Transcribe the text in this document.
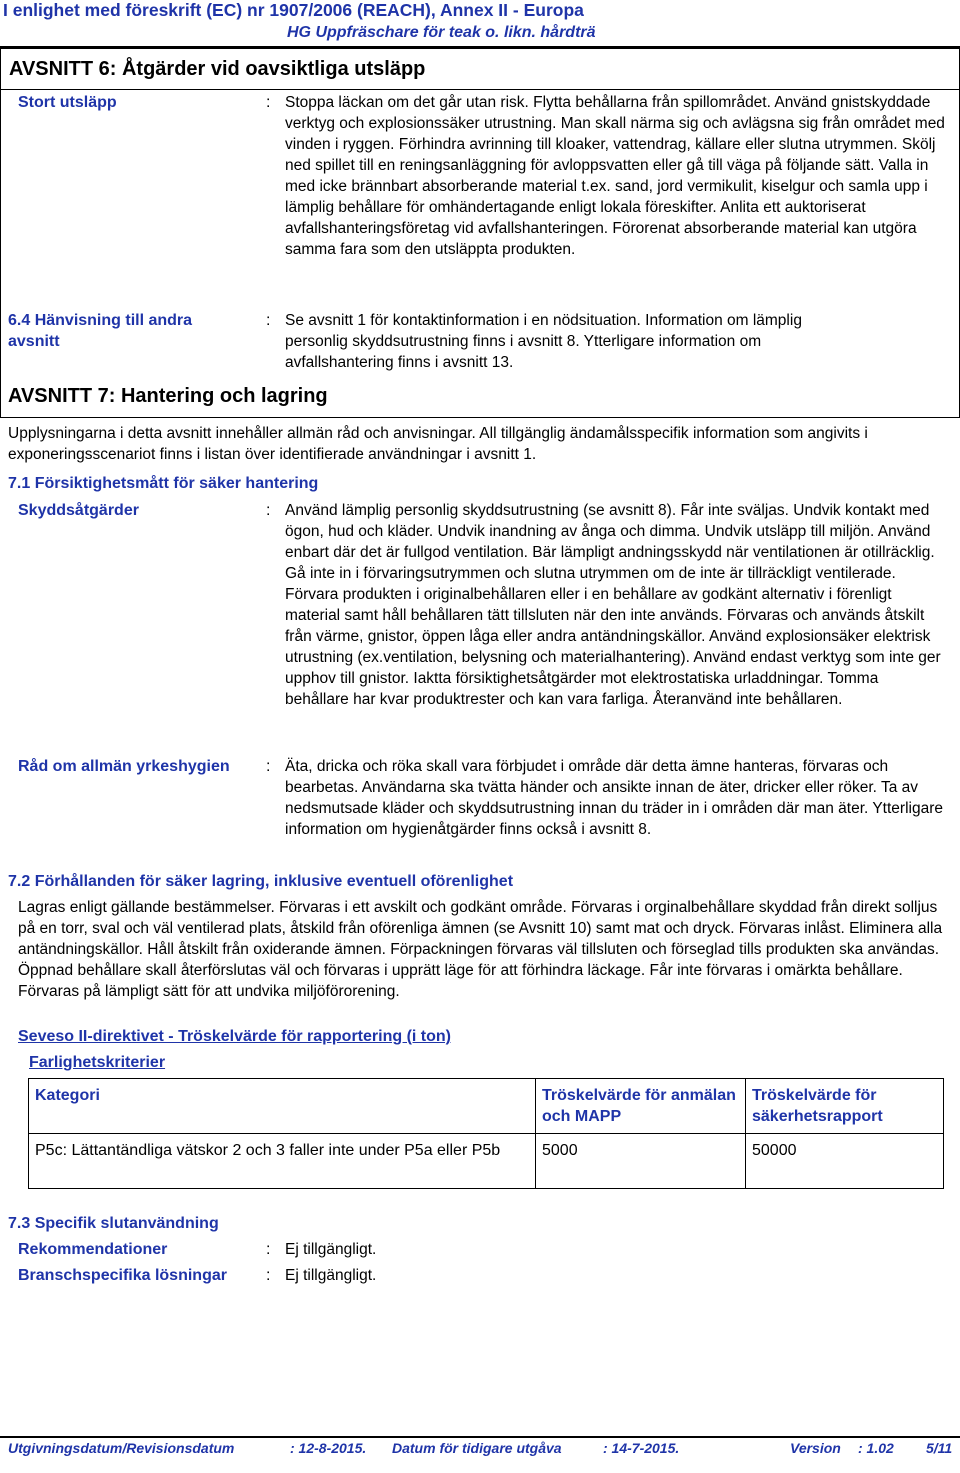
I enlighet med föreskrift (EC) nr 1907/2006 (REACH), Annex II - Europa
HG Uppfräschare för teak o. likn. hårdträ
AVSNITT 6: Åtgärder vid oavsiktliga utsläpp
Stort utsläpp	: Stoppa läckan om det går utan risk. Flytta behållarna från spillområdet. Använd gnistskyddade verktyg och explosionssäker utrustning. Man skall närma sig och avlägsna sig från området med vinden i ryggen. Förhindra avrinning till kloaker, vattendrag, källare eller slutna utrymmen. Skölj ned spillet till en reningsanläggning för avloppsvatten eller gå till väga på följande sätt. Valla in med icke brännbart absorberande material t.ex. sand, jord vermikulit, kiselgur och samla upp i lämplig behållare för omhändertagande enligt lokala föreskifter. Anlita ett auktoriserat avfallshanteringsföretag vid avfallshanteringen. Förorenat absorberande material kan utgöra samma fara som den utsläppta produkten.
6.4 Hänvisning till andra avsnitt
: Se avsnitt 1 för kontaktinformation i en nödsituation. Information om lämplig personlig skyddsutrustning finns i avsnitt 8. Ytterligare information om avfallshantering finns i avsnitt 13.
AVSNITT 7: Hantering och lagring
Upplysningarna i detta avsnitt innehåller allmän råd och anvisningar. All tillgänglig ändamålsspecifik information som angivits i exponeringsscenariot finns i listan över identifierade användningar i avsnitt 1.
7.1 Försiktighetsmått för säker hantering
Skyddsåtgärder	: Använd lämplig personlig skyddsutrustning (se avsnitt 8). Får inte sväljas. Undvik kontakt med ögon, hud och kläder. Undvik inandning av ånga och dimma. Undvik utsläpp till miljön. Använd enbart där det är fullgod ventilation. Bär lämpligt andningsskydd när ventilationen är otillräcklig. Gå inte in i förvaringsutrymmen och slutna utrymmen om de inte är tillräckligt ventilerade. Förvara produkten i originalbehållaren eller i en behållare av godkänt alternativ i förenligt material samt håll behållaren tätt tillsluten när den inte används. Förvaras och används åtskilt från värme, gnistor, öppen låga eller andra antändningskällor. Använd explosionsäker elektrisk utrustning (ex.ventilation, belysning och materialhantering). Använd endast verktyg som inte ger upphov till gnistor. Iaktta försiktighetsåtgärder mot elektrostatiska urladdningar. Tomma behållare har kvar produktrester och kan vara farliga. Återanvänd inte behållaren.
Råd om allmän yrkeshygien : Äta, dricka och röka skall vara förbjudet i område där detta ämne hanteras, förvaras och bearbetas. Användarna ska tvätta händer och ansikte innan de äter, dricker eller röker. Ta av nedsmutsade kläder och skyddsutrustning innan du träder in i områden där man äter. Ytterligare information om hygienåtgärder finns också i avsnitt 8.
7.2 Förhållanden för säker lagring, inklusive eventuell oförenlighet
Lagras enligt gällande bestämmelser. Förvaras i ett avskilt och godkänt område. Förvaras i orginalbehållare skyddad från direkt solljus på en torr, sval och väl ventilerad plats, åtskild från oförenliga ämnen (se Avsnitt 10) samt mat och dryck. Förvaras inlåst. Eliminera alla antändningskällor. Håll åtskilt från oxiderande ämnen. Förpackningen förvaras väl tillsluten och förseglad tills produkten ska användas. Öppnad behållare skall återförslutas väl och förvaras i upprätt läge för att förhindra läckage. Får inte förvaras i omärkta behållare. Förvaras på lämpligt sätt för att undvika miljöförorening.
Seveso II-direktivet - Tröskelvärde för rapportering (i ton)
Farlighetskriterier
Kategori	Tröskelvärde för anmälan och MAPP	Tröskelvärde för säkerhetsrapport
P5c: Lättantändliga vätskor 2 och 3 faller inte under P5a eller P5b	5000	50000
7.3 Specifik slutanvändning
Rekommendationer	: Ej tillgängligt.
Branschspecifika lösningar : Ej tillgängligt.
Utgivningsdatum/Revisionsdatum	: 12-8-2015. Datum för tidigare utgåva	: 14-7-2015.	Version : 1.02 5/11
